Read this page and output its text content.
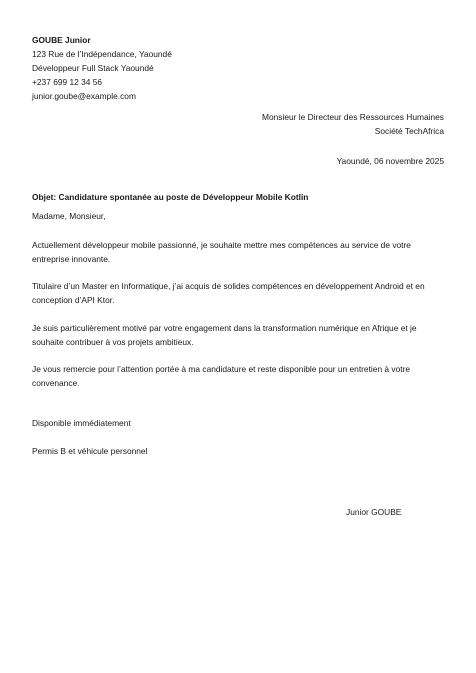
GOUBE Junior
123 Rue de l’Indépendance, Yaoundé
Développeur Full Stack Yaoundé
+237 699 12 34 56
junior.goube@example.com
Monsieur le Directeur des Ressources Humaines
Société TechAfrica
Yaoundé, 06 novembre 2025
Objet: Candidature spontanée au poste de Développeur Mobile Kotlin
Madame, Monsieur,
Actuellement développeur mobile passionné, je souhaite mettre mes compétences au service de votre entreprise innovante.
Titulaire d’un Master en Informatique, j’ai acquis de solides compétences en développement Android et en conception d’API Ktor.
Je suis particulièrement motivé par votre engagement dans la transformation numérique en Afrique et je souhaite contribuer à vos projets ambitieux.
Je vous remercie pour l’attention portée à ma candidature et reste disponible pour un entretien à votre convenance.
Disponible immédiatement
Permis B et véhicule personnel
Junior GOUBE
